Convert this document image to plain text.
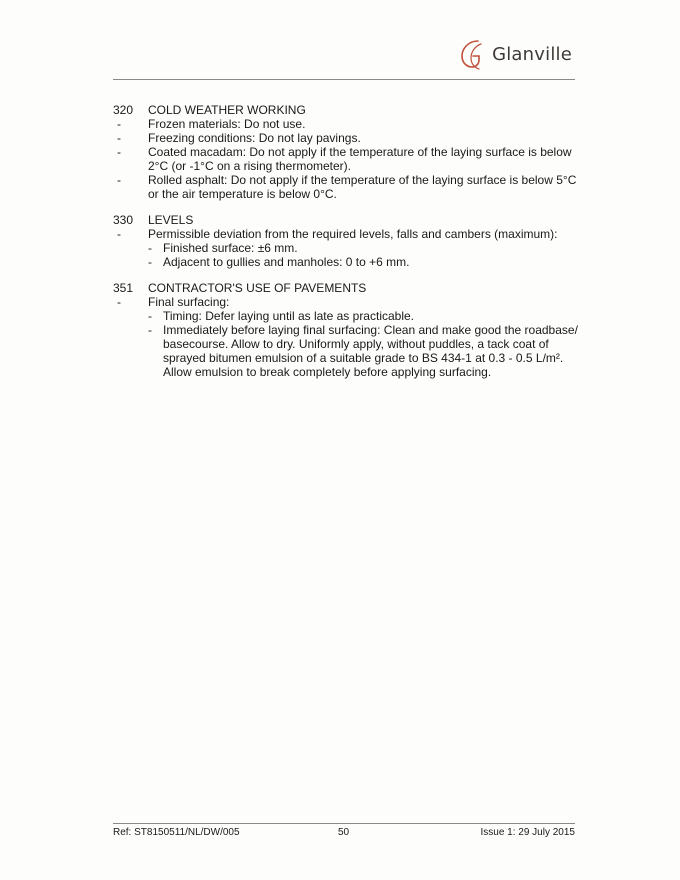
Glanville
320	COLD WEATHER WORKING
-	Frozen materials: Do not use.
-	Freezing conditions: Do not lay pavings.
-	Coated macadam: Do not apply if the temperature of the laying surface is below 2°C (or -1°C on a rising thermometer).
-	Rolled asphalt: Do not apply if the temperature of the laying surface is below 5°C or the air temperature is below 0°C.
330	LEVELS
-	Permissible deviation from the required levels, falls and cambers (maximum):
- Finished surface: ±6 mm.
- Adjacent to gullies and manholes: 0 to +6 mm.
351	CONTRACTOR'S USE OF PAVEMENTS
-	Final surfacing:
- Timing: Defer laying until as late as practicable.
- Immediately before laying final surfacing: Clean and make good the roadbase/ basecourse. Allow to dry. Uniformly apply, without puddles, a tack coat of sprayed bitumen emulsion of a suitable grade to BS 434-1 at 0.3 - 0.5 L/m². Allow emulsion to break completely before applying surfacing.
Ref: ST8150511/NL/DW/005	50	Issue 1: 29 July 2015
